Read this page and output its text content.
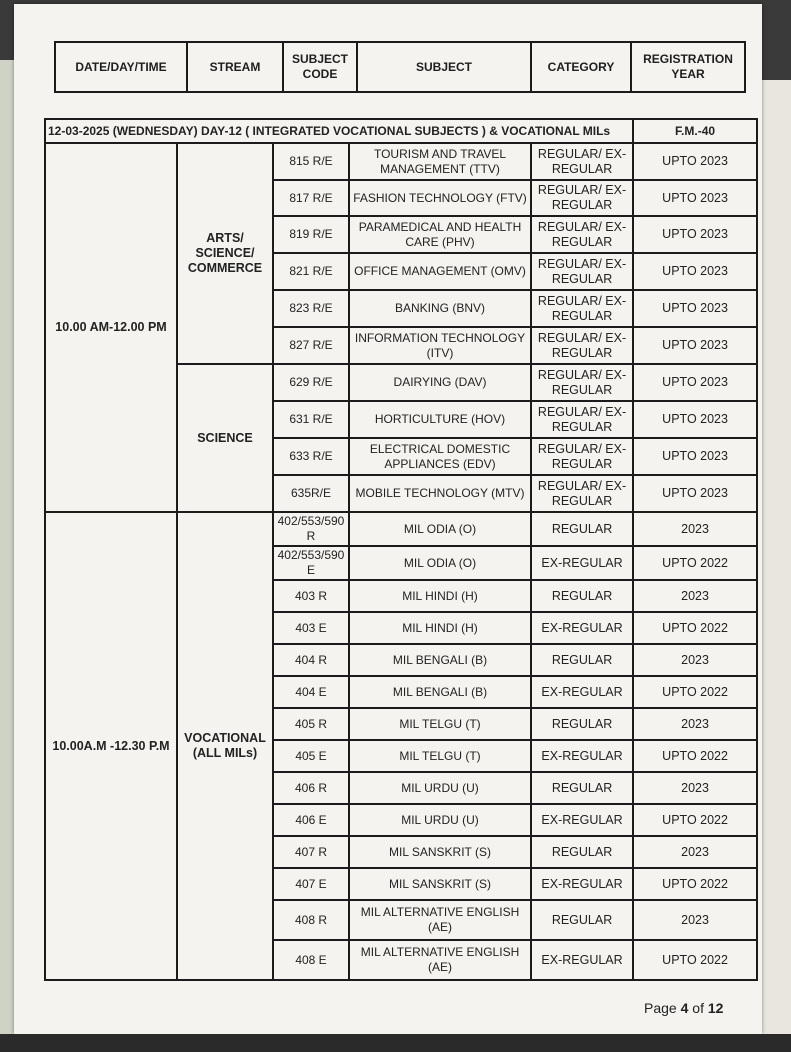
DATE/DAY/TIME	STREAM	SUBJECT CODE	SUBJECT	CATEGORY	REGISTRATION YEAR
12-03-2025 (WEDNESDAY) DAY-12 ( INTEGRATED VOCATIONAL SUBJECTS ) & VOCATIONAL MILs					F.M.-40
10.00 AM-12.00 PM	ARTS/ SCIENCE/ COMMERCE	815 R/E	TOURISM AND TRAVEL MANAGEMENT (TTV)	REGULAR/ EX-REGULAR	UPTO 2023
		817 R/E	FASHION TECHNOLOGY (FTV)	REGULAR/ EX-REGULAR	UPTO 2023
		819 R/E	PARAMEDICAL AND HEALTH CARE (PHV)	REGULAR/ EX-REGULAR	UPTO 2023
		821 R/E	OFFICE MANAGEMENT (OMV)	REGULAR/ EX-REGULAR	UPTO 2023
		823 R/E	BANKING (BNV)	REGULAR/ EX-REGULAR	UPTO 2023
		827 R/E	INFORMATION TECHNOLOGY (ITV)	REGULAR/ EX-REGULAR	UPTO 2023
	SCIENCE	629 R/E	DAIRYING (DAV)	REGULAR/ EX-REGULAR	UPTO 2023
		631 R/E	HORTICULTURE (HOV)	REGULAR/ EX-REGULAR	UPTO 2023
		633 R/E	ELECTRICAL DOMESTIC APPLIANCES (EDV)	REGULAR/ EX-REGULAR	UPTO 2023
		635R/E	MOBILE TECHNOLOGY (MTV)	REGULAR/ EX-REGULAR	UPTO 2023
10.00A.M -12.30 P.M	VOCATIONAL (ALL MILs)	402/553/590 R	MIL ODIA (O)	REGULAR	2023
		402/553/590 E	MIL ODIA (O)	EX-REGULAR	UPTO 2022
		403 R	MIL HINDI (H)	REGULAR	2023
		403 E	MIL HINDI (H)	EX-REGULAR	UPTO 2022
		404 R	MIL BENGALI (B)	REGULAR	2023
		404 E	MIL BENGALI (B)	EX-REGULAR	UPTO 2022
		405 R	MIL TELGU (T)	REGULAR	2023
		405 E	MIL TELGU (T)	EX-REGULAR	UPTO 2022
		406 R	MIL URDU (U)	REGULAR	2023
		406 E	MIL URDU (U)	EX-REGULAR	UPTO 2022
		407 R	MIL SANSKRIT (S)	REGULAR	2023
		407 E	MIL SANSKRIT (S)	EX-REGULAR	UPTO 2022
		408 R	MIL ALTERNATIVE ENGLISH (AE)	REGULAR	2023
		408 E	MIL ALTERNATIVE ENGLISH (AE)	EX-REGULAR	UPTO 2022
Page 4 of 12
